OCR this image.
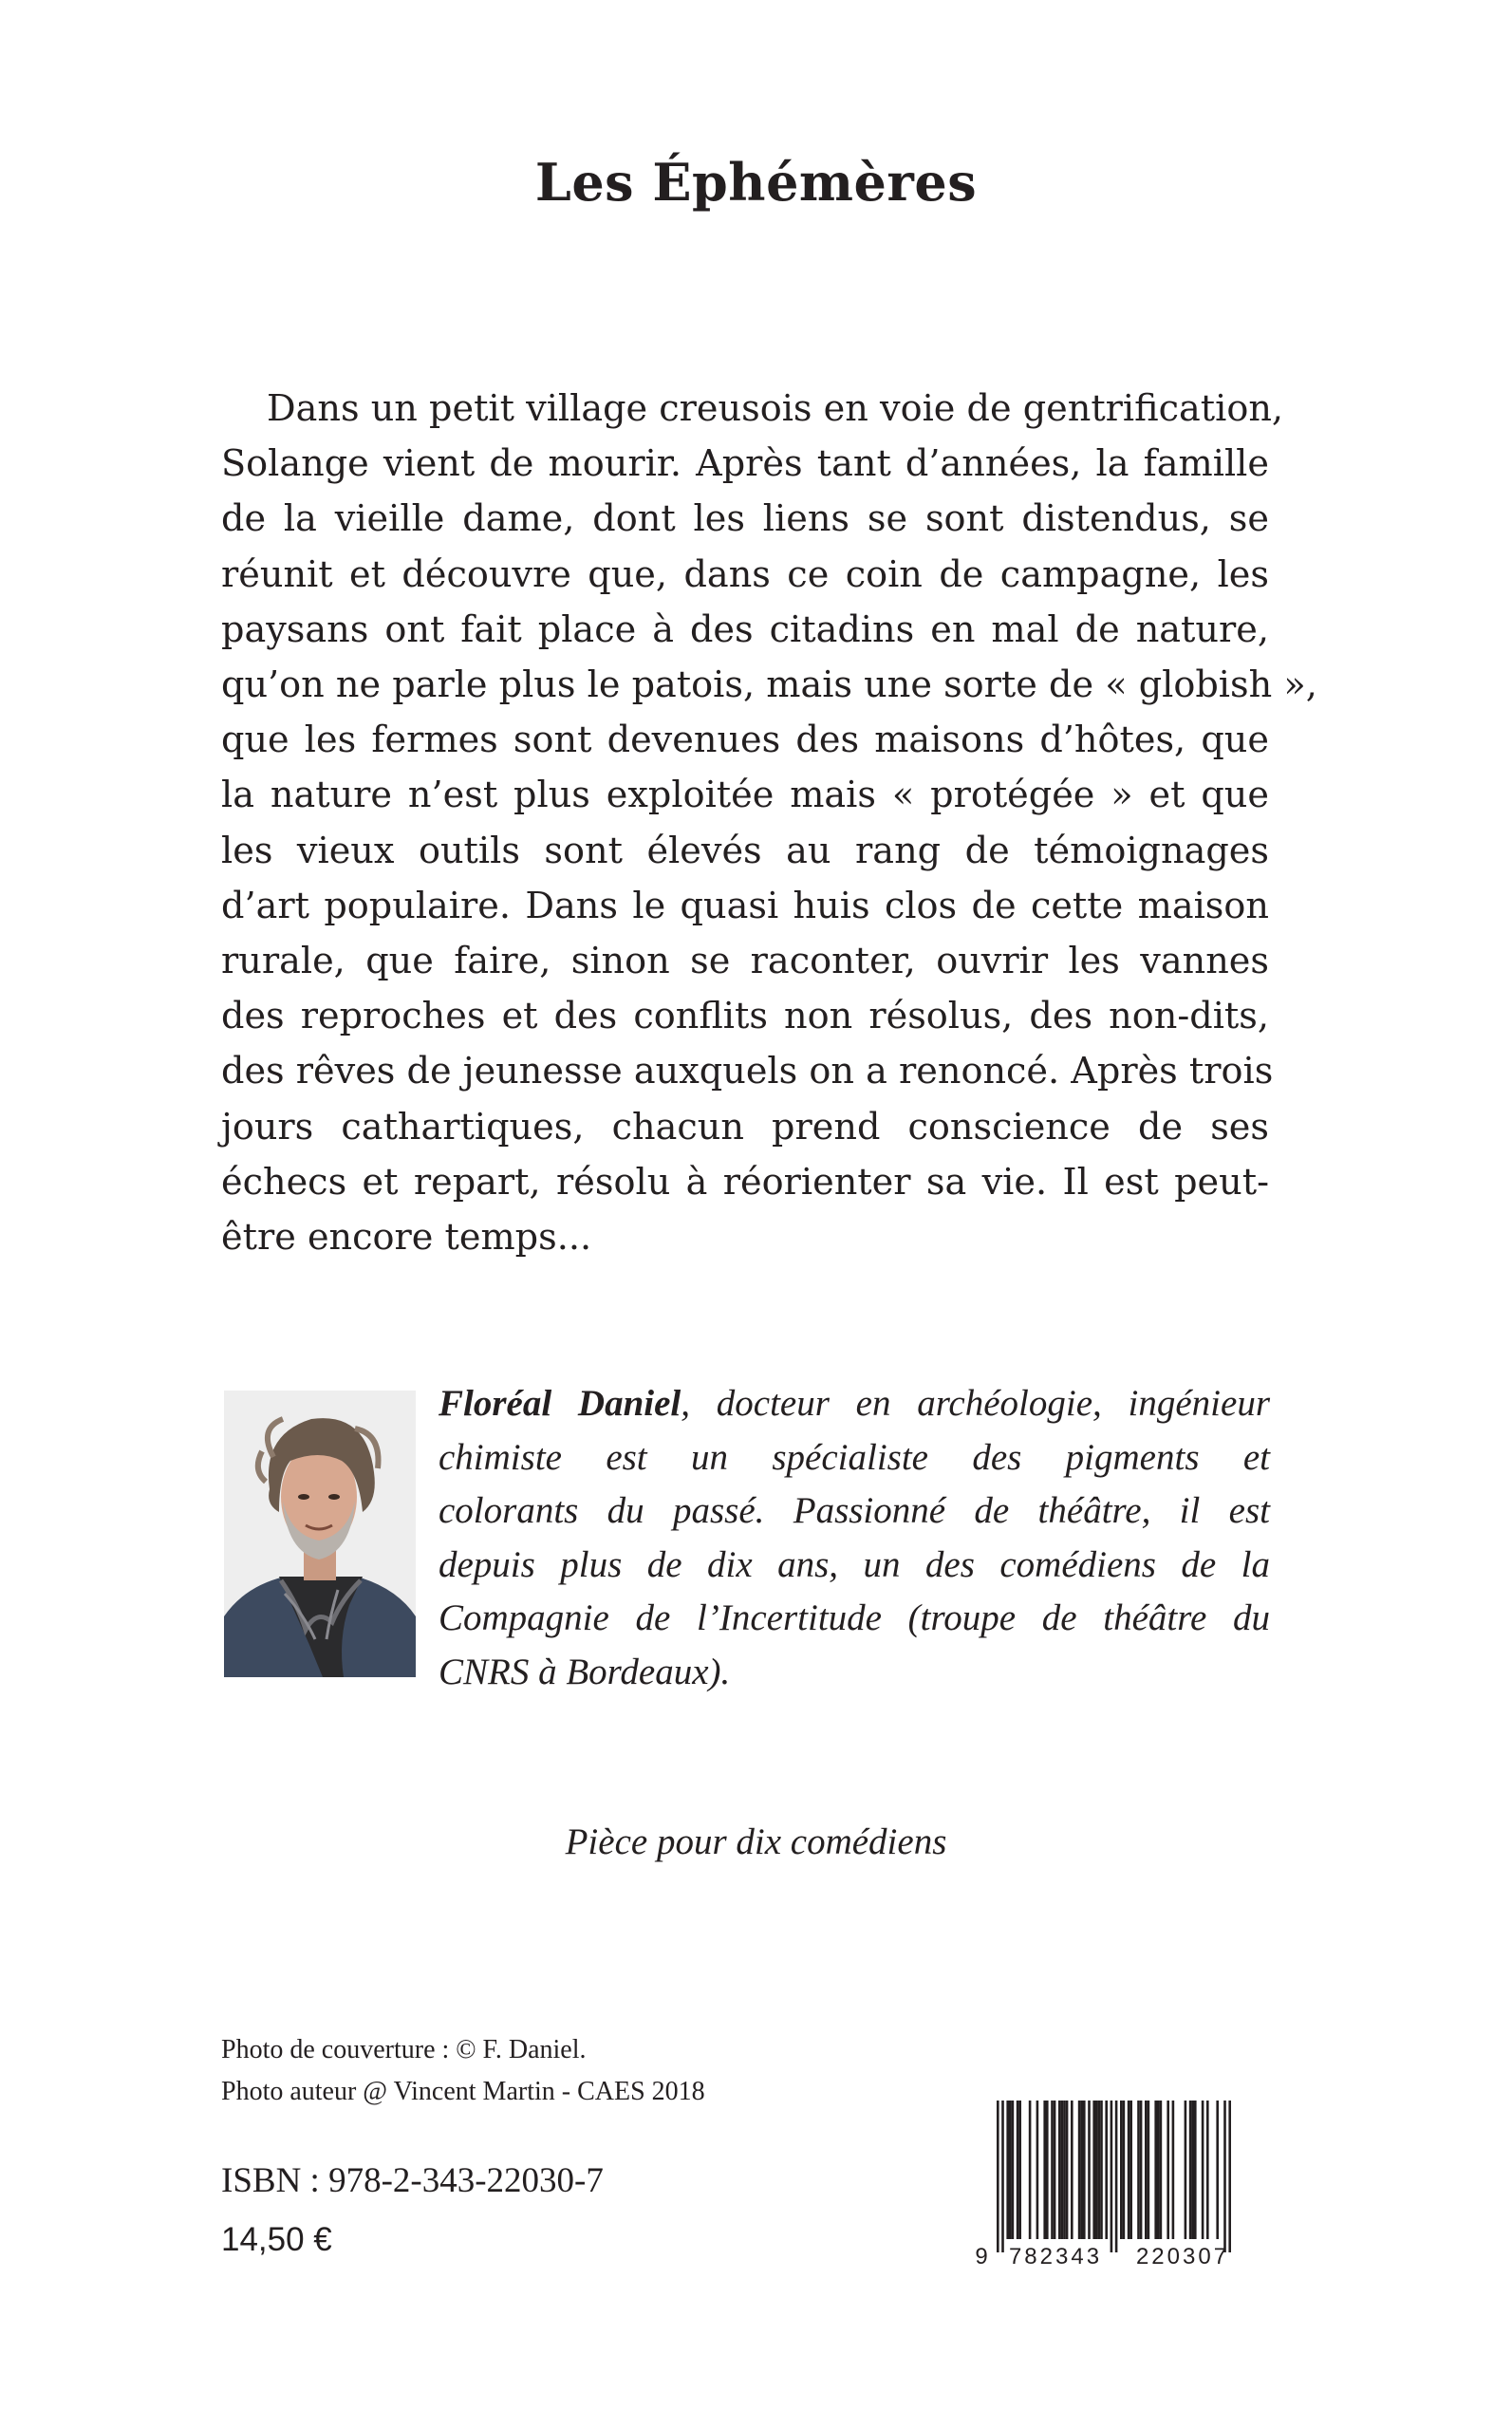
Les Éphémères
Dans un petit village creusois en voie de gentrification,
Solange vient de mourir. Après tant d’années, la famille
de la vieille dame, dont les liens se sont distendus, se
réunit et découvre que, dans ce coin de campagne, les
paysans ont fait place à des citadins en mal de nature,
qu’on ne parle plus le patois, mais une sorte de « globish »,
que les fermes sont devenues des maisons d’hôtes, que
la nature n’est plus exploitée mais « protégée » et que
les vieux outils sont élevés au rang de témoignages
d’art populaire. Dans le quasi huis clos de cette maison
rurale, que faire, sinon se raconter, ouvrir les vannes
des reproches et des conflits non résolus, des non-dits,
des rêves de jeunesse auxquels on a renoncé. Après trois
jours cathartiques, chacun prend conscience de ses
échecs et repart, résolu à réorienter sa vie. Il est peut-
être encore temps...
Floréal Daniel, docteur en archéologie, ingénieur
chimiste est un spécialiste des pigments et
colorants du passé. Passionné de théâtre, il est
depuis plus de dix ans, un des comédiens de la
Compagnie de l’Incertitude (troupe de théâtre du
CNRS à Bordeaux).
Pièce pour dix comédiens
Photo de couverture : © F. Daniel.
Photo auteur @ Vincent Martin - CAES 2018
ISBN : 978-2-343-22030-7
14,50 €	9 782343 220307
